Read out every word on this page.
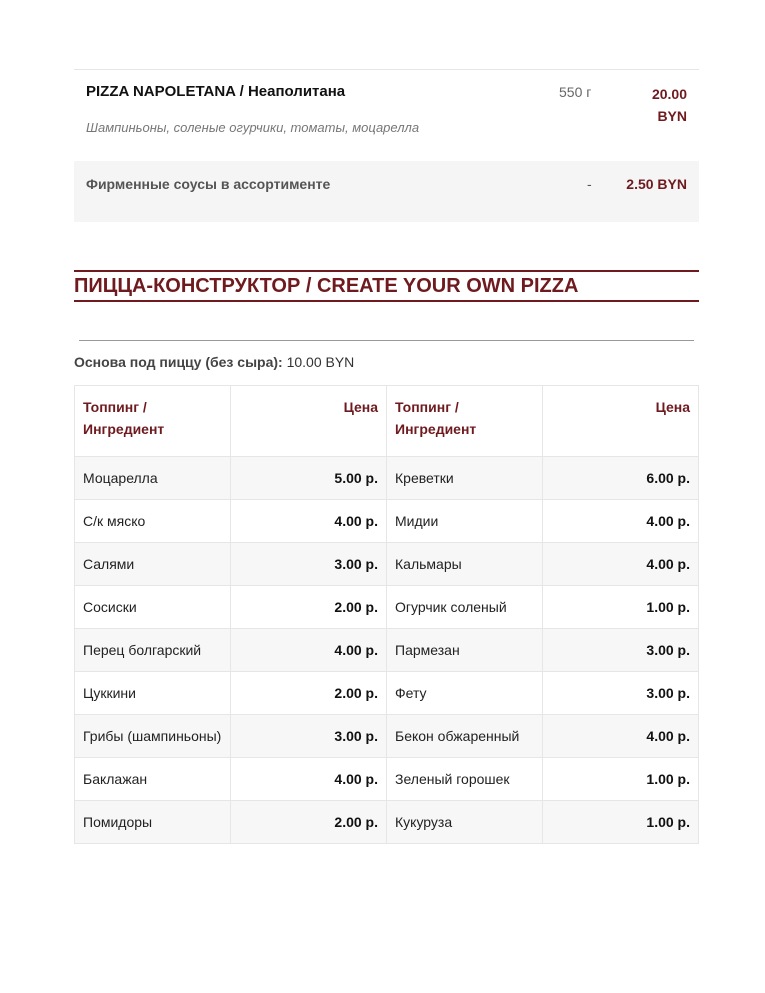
PIZZA NAPOLETANA / Неаполитана
Шампиньоны, соленые огурчики, томаты, моцарелла
550 г	20.00
BYN
Фирменные соусы в ассортименте	- 2.50 BYN
ПИЦЦА-КОНСТРУКТОР / CREATE YOUR OWN PIZZA
Основа под пиццу (без сыра): 10.00 BYN
Топпинг / Ингредиент	Цена	Топпинг / Ингредиент	Цена
Моцарелла	5.00 р.	Креветки	6.00 р.
С/к мяско	4.00 р.	Мидии	4.00 р.
Салями	3.00 р.	Кальмары	4.00 р.
Сосиски	2.00 р.	Огурчик соленый	1.00 р.
Перец болгарский	4.00 р.	Пармезан	3.00 р.
Цуккини	2.00 р.	Фету	3.00 р.
Грибы (шампиньоны)	3.00 р.	Бекон обжаренный	4.00 р.
Баклажан	4.00 р.	Зеленый горошек	1.00 р.
Помидоры	2.00 р.	Кукуруза	1.00 р.
